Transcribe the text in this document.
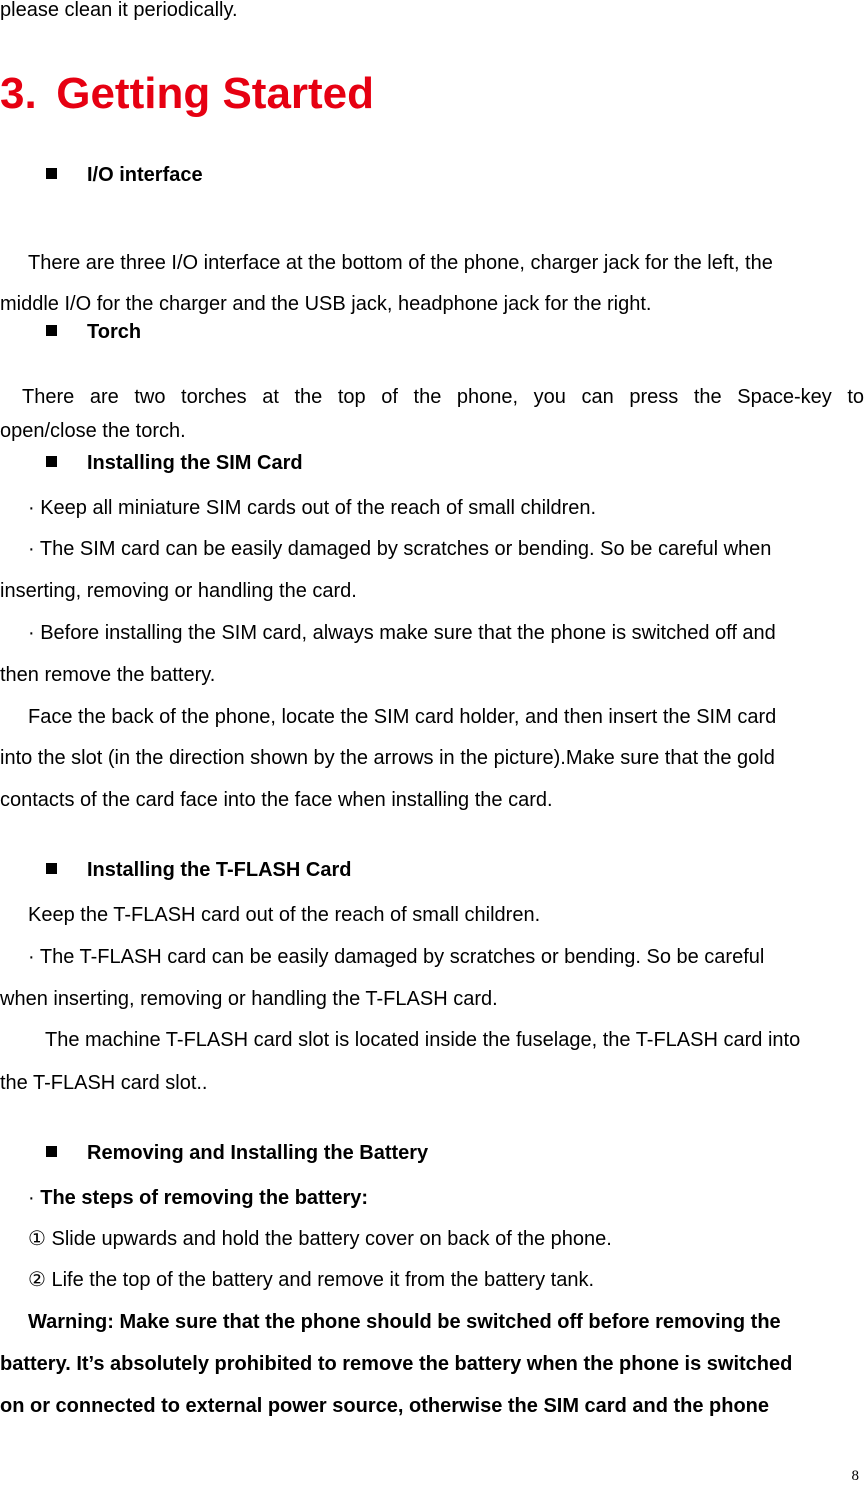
please clean it periodically.
3. Getting Started
I/O interface
There are three I/O interface at the bottom of the phone, charger jack for the left, the
middle I/O for the charger and the USB jack, headphone jack for the right.
Torch
There are two torches at the top of the phone, you can press the Space-key to
open/close the torch.
Installing the SIM Card
· Keep all miniature SIM cards out of the reach of small children.
· The SIM card can be easily damaged by scratches or bending. So be careful when
inserting, removing or handling the card.
· Before installing the SIM card, always make sure that the phone is switched off and
then remove the battery.
Face the back of the phone, locate the SIM card holder, and then insert the SIM card
into the slot (in the direction shown by the arrows in the picture).Make sure that the gold
contacts of the card face into the face when installing the card.
Installing the T-FLASH Card
Keep the T-FLASH card out of the reach of small children.
· The T-FLASH card can be easily damaged by scratches or bending. So be careful
when inserting, removing or handling the T-FLASH card.
The machine T-FLASH card slot is located inside the fuselage, the T-FLASH card into
the T-FLASH card slot..
Removing and Installing the Battery
· The steps of removing the battery:
① Slide upwards and hold the battery cover on back of the phone.
② Life the top of the battery and remove it from the battery tank.
Warning: Make sure that the phone should be switched off before removing the
battery. It’s absolutely prohibited to remove the battery when the phone is switched
on or connected to external power source, otherwise the SIM card and the phone
8
